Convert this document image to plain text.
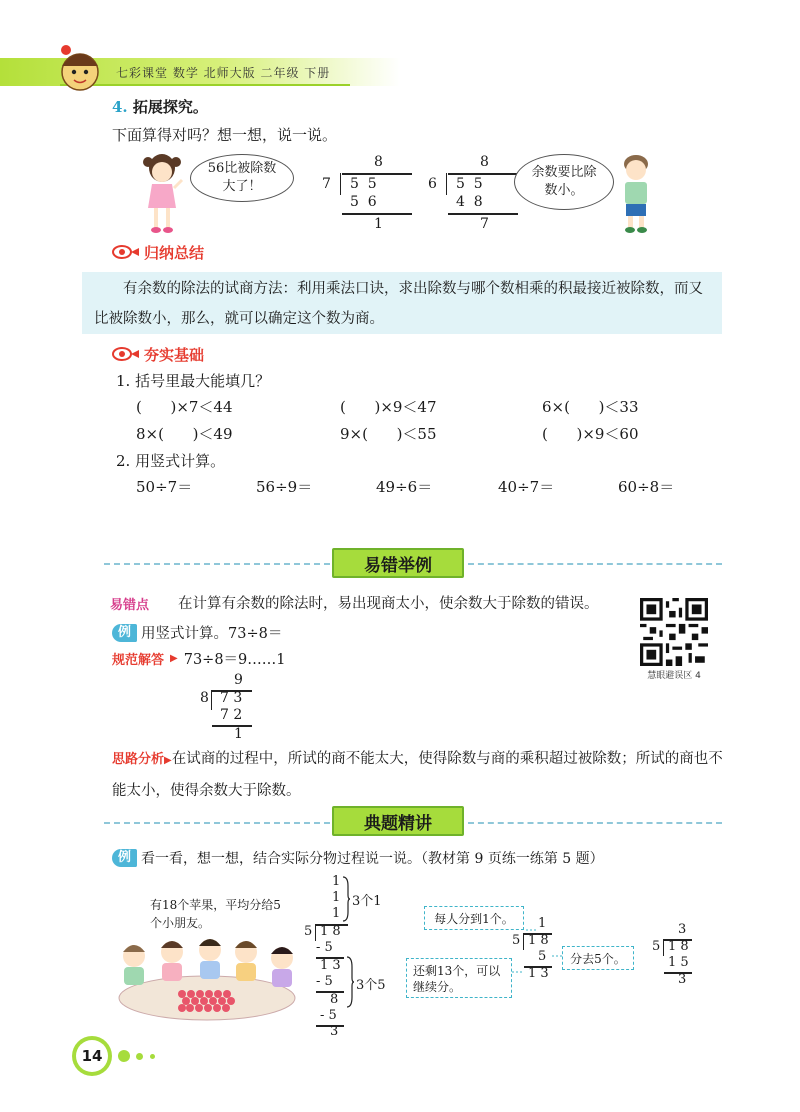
七彩课堂 数学 北师大版 二年级 下册
4. 拓展探究。
下面算得对吗？想一想，说一说。
56比被除数大了！
8
7 5  5
5  6
1
8
6 5  5
4  8
7
余数要比除数小。
归纳总结

有余数的除法的试商方法：利用乘法口诀，求出除数与哪个数相乘的积最接近被除数，而又比被除数小，那么，就可以确定这个数为商。

夯实基础
1. 括号里最大能填几？
(      )×7＜44	(      )×9＜47	6×(      )＜33
8×(      )＜49	9×(      )＜55	(      )×9＜60
2. 用竖式计算。
50÷7＝	56÷9＝	49÷6＝	40÷7＝	60÷8＝
易错举例
易错点 在计算有余数的除法时，易出现商太小，使余数大于除数的错误。
例 用竖式计算。73÷8＝
规范解答 ▶ 73÷8＝9……1
9
8 7 3
7 2
1
慧眼避误区 4
思路分析▶在试商的过程中，所试的商不能太大，使得除数与商的乘积超过被除数；所试的商也不能太小，使得余数大于除数。
典题精讲
例 看一看，想一想，结合实际分物过程说一说。（教材第 9 页练一练第 5 题）
有18个苹果，平均分给5个小朋友。
1
1
1
3个1
5 1 8
- 5
1 3
- 5
8
- 5
3
3个5
每人分到1个。
还剩13个，可以继续分。
分去5个。
1
5 1 8
5
1 3
3
5 1 8
1 5
3
14
